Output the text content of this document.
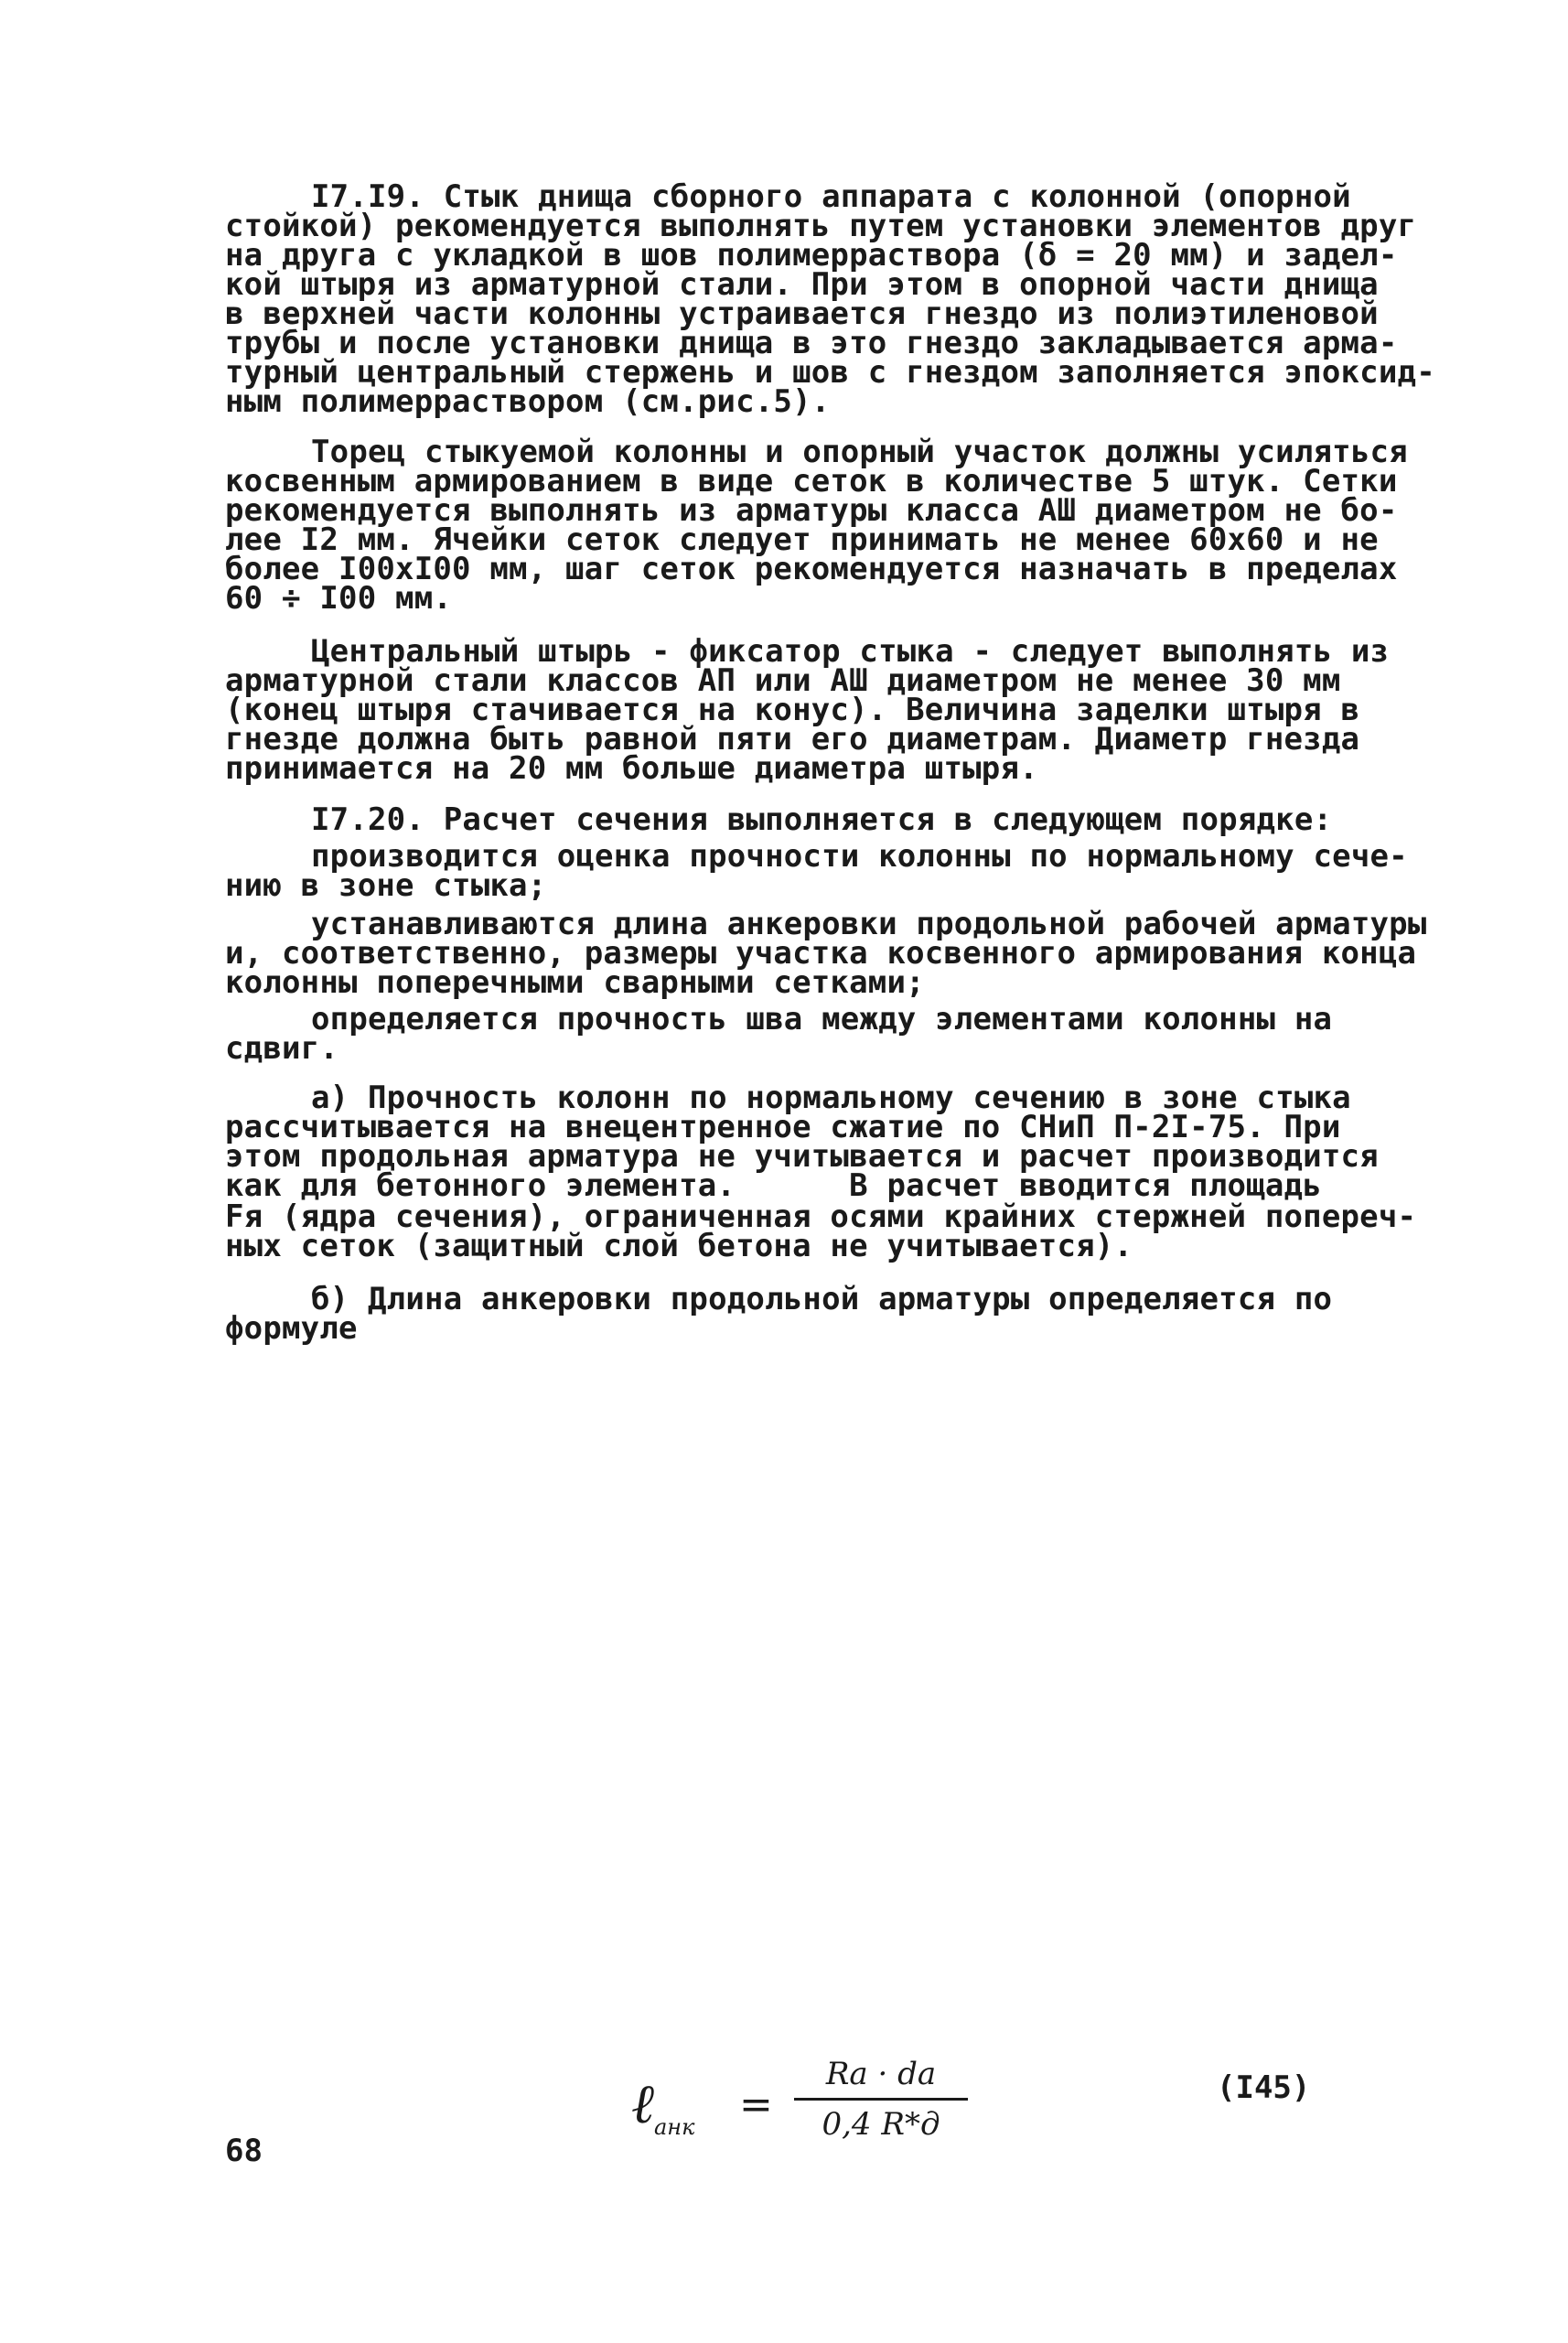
I7.I9. Стык днища сборного аппарата с колонной (опорной
стойкой) рекомендуется выполнять путем установки элементов друг
на друга с укладкой в шов полимерраствора (δ = 20 мм) и задел-
кой штыря из арматурной стали. При этом в опорной части днища
в верхней части колонны устраивается гнездо из полиэтиленовой
трубы и после установки днища в это гнездо закладывается арма-
турный центральный стержень и шов с гнездом заполняется эпоксид-
ным полимерраствором (см.рис.5).
Торец стыкуемой колонны и опорный участок должны усиляться
косвенным армированием в виде сеток в количестве 5 штук. Сетки
рекомендуется выполнять из арматуры класса АШ диаметром не бо-
лее I2 мм. Ячейки сеток следует принимать не менее 60х60 и не
более I00хI00 мм, шаг сеток рекомендуется назначать в пределах
60 ÷ I00 мм.
Центральный штырь - фиксатор стыка - следует выполнять из
арматурной стали классов АП или АШ диаметром не менее 30 мм
(конец штыря стачивается на конус). Величина заделки штыря в
гнезде должна быть равной пяти его диаметрам. Диаметр гнезда
принимается на 20 мм больше диаметра штыря.
I7.20. Расчет сечения выполняется в следующем порядке:
производится оценка прочности колонны по нормальному сече-
нию в зоне стыка;
устанавливаются длина анкеровки продольной рабочей арматуры
и, соответственно, размеры участка косвенного армирования конца
колонны поперечными сварными сетками;
определяется прочность шва между элементами колонны на
сдвиг.
а) Прочность колонн по нормальному сечению в зоне стыка
рассчитывается на внецентренное сжатие по СНиП П-2I-75. При
этом продольная арматура не учитывается и расчет производится
как для бетонного элемента.      В расчет вводится площадь
Fя (ядра сечения), ограниченная осями крайних стержней попереч-
ных сеток (защитный слой бетона не учитывается).
б) Длина анкеровки продольной арматуры определяется по
формуле
ℓ$_{анк}$ =
Rа · dа
0,4 R*д
(I45)
68
